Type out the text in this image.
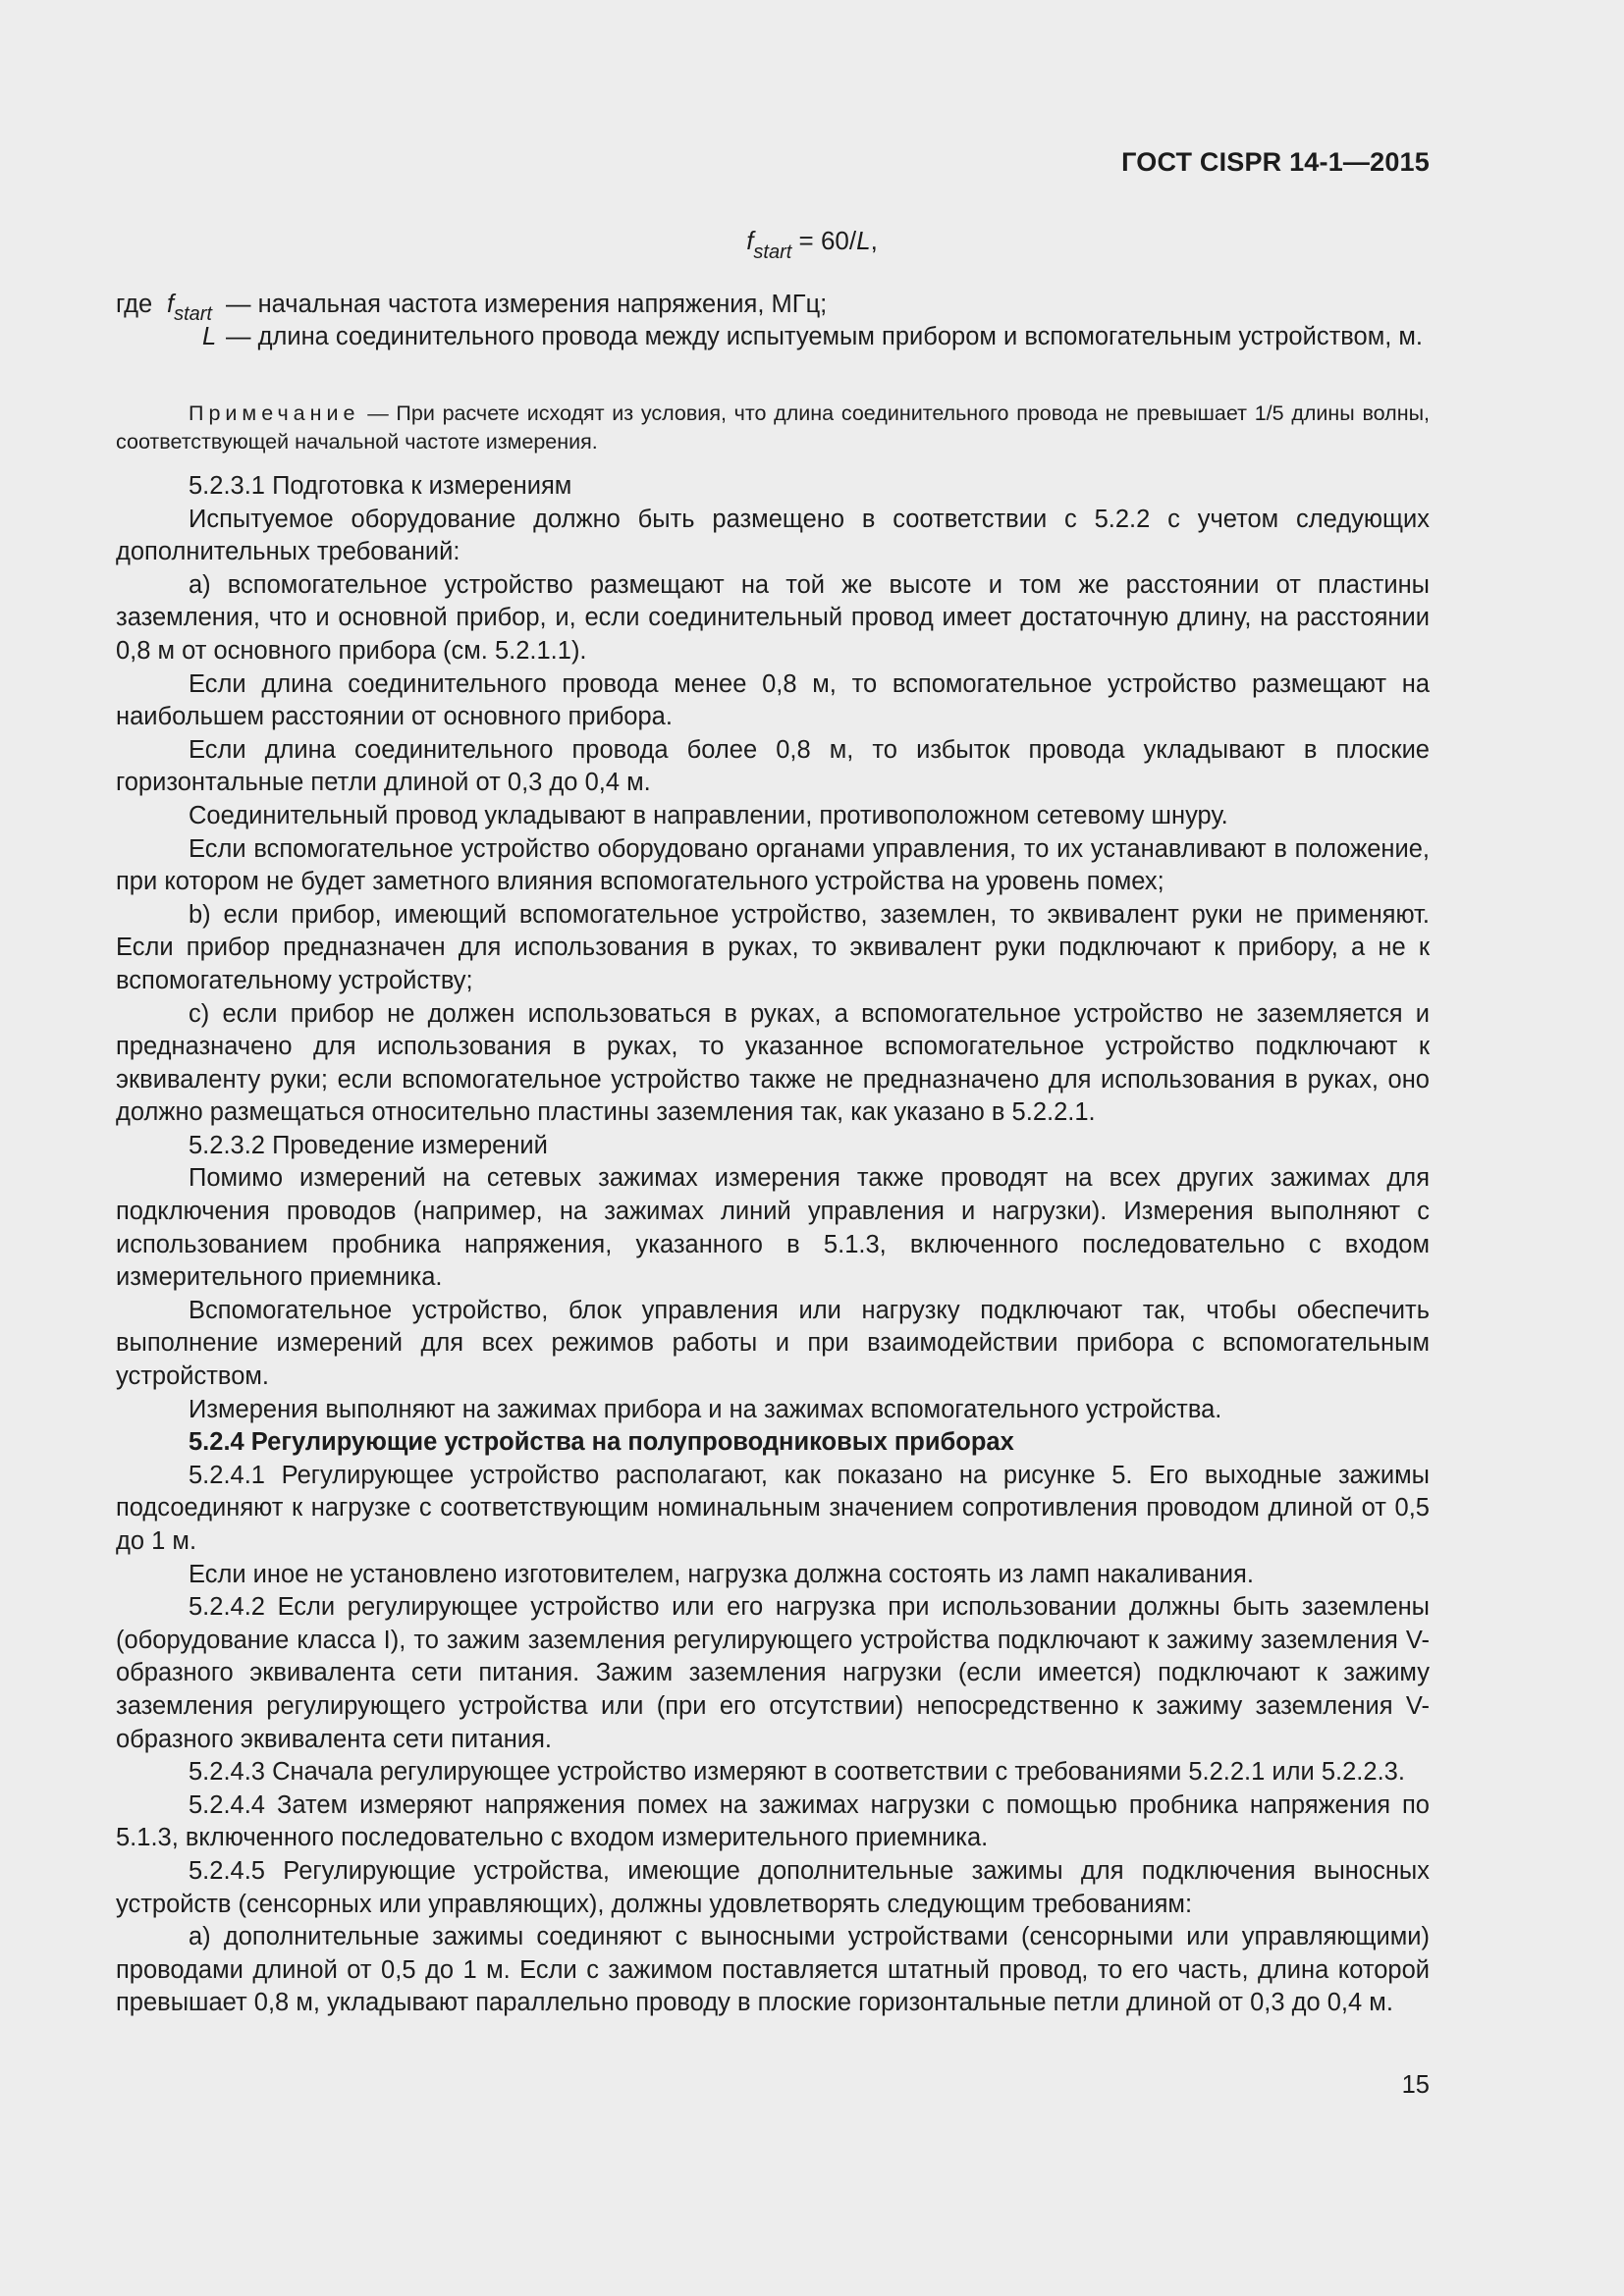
ГОСТ CISPR 14-1—2015
$f_{start} = 60/L$,
где $f_{start}$ — начальная частота измерения напряжения, МГц;
L — длина соединительного провода между испытуемым прибором и вспомогательным устройством, м.

Примечание — При расчете исходят из условия, что длина соединительного провода не превышает 1/5 длины волны, соответствующей начальной частоте измерения.

5.2.3.1 Подготовка к измерениям

Испытуемое оборудование должно быть размещено в соответствии с 5.2.2 с учетом следующих дополнительных требований:

a) вспомогательное устройство размещают на той же высоте и том же расстоянии от пластины заземления, что и основной прибор, и, если соединительный провод имеет достаточную длину, на расстоянии 0,8 м от основного прибора (см. 5.2.1.1).

Если длина соединительного провода менее 0,8 м, то вспомогательное устройство размещают на наибольшем расстоянии от основного прибора.

Если длина соединительного провода более 0,8 м, то избыток провода укладывают в плоские горизонтальные петли длиной от 0,3 до 0,4 м.

Соединительный провод укладывают в направлении, противоположном сетевому шнуру.

Если вспомогательное устройство оборудовано органами управления, то их устанавливают в положение, при котором не будет заметного влияния вспомогательного устройства на уровень помех;

b) если прибор, имеющий вспомогательное устройство, заземлен, то эквивалент руки не применяют. Если прибор предназначен для использования в руках, то эквивалент руки подключают к прибору, а не к вспомогательному устройству;

c) если прибор не должен использоваться в руках, а вспомогательное устройство не заземляется и предназначено для использования в руках, то указанное вспомогательное устройство подключают к эквиваленту руки; если вспомогательное устройство также не предназначено для использования в руках, оно должно размещаться относительно пластины заземления так, как указано в 5.2.2.1.

5.2.3.2 Проведение измерений

Помимо измерений на сетевых зажимах измерения также проводят на всех других зажимах для подключения проводов (например, на зажимах линий управления и нагрузки). Измерения выполняют с использованием пробника напряжения, указанного в 5.1.3, включенного последовательно с входом измерительного приемника.

Вспомогательное устройство, блок управления или нагрузку подключают так, чтобы обеспечить выполнение измерений для всех режимов работы и при взаимодействии прибора с вспомогательным устройством.

Измерения выполняют на зажимах прибора и на зажимах вспомогательного устройства.

5.2.4 Регулирующие устройства на полупроводниковых приборах

5.2.4.1 Регулирующее устройство располагают, как показано на рисунке 5. Его выходные зажимы подсоединяют к нагрузке с соответствующим номинальным значением сопротивления проводом длиной от 0,5 до 1 м.

Если иное не установлено изготовителем, нагрузка должна состоять из ламп накаливания.

5.2.4.2 Если регулирующее устройство или его нагрузка при использовании должны быть заземлены (оборудование класса I), то зажим заземления регулирующего устройства подключают к зажиму заземления V-образного эквивалента сети питания. Зажим заземления нагрузки (если имеется) подключают к зажиму заземления регулирующего устройства или (при его отсутствии) непосредственно к зажиму заземления V-образного эквивалента сети питания.

5.2.4.3 Сначала регулирующее устройство измеряют в соответствии с требованиями 5.2.2.1 или 5.2.2.3.

5.2.4.4 Затем измеряют напряжения помех на зажимах нагрузки с помощью пробника напряжения по 5.1.3, включенного последовательно с входом измерительного приемника.

5.2.4.5 Регулирующие устройства, имеющие дополнительные зажимы для подключения выносных устройств (сенсорных или управляющих), должны удовлетворять следующим требованиям:

a) дополнительные зажимы соединяют с выносными устройствами (сенсорными или управляющими) проводами длиной от 0,5 до 1 м. Если с зажимом поставляется штатный провод, то его часть, длина которой превышает 0,8 м, укладывают параллельно проводу в плоские горизонтальные петли длиной от 0,3 до 0,4 м.

15
